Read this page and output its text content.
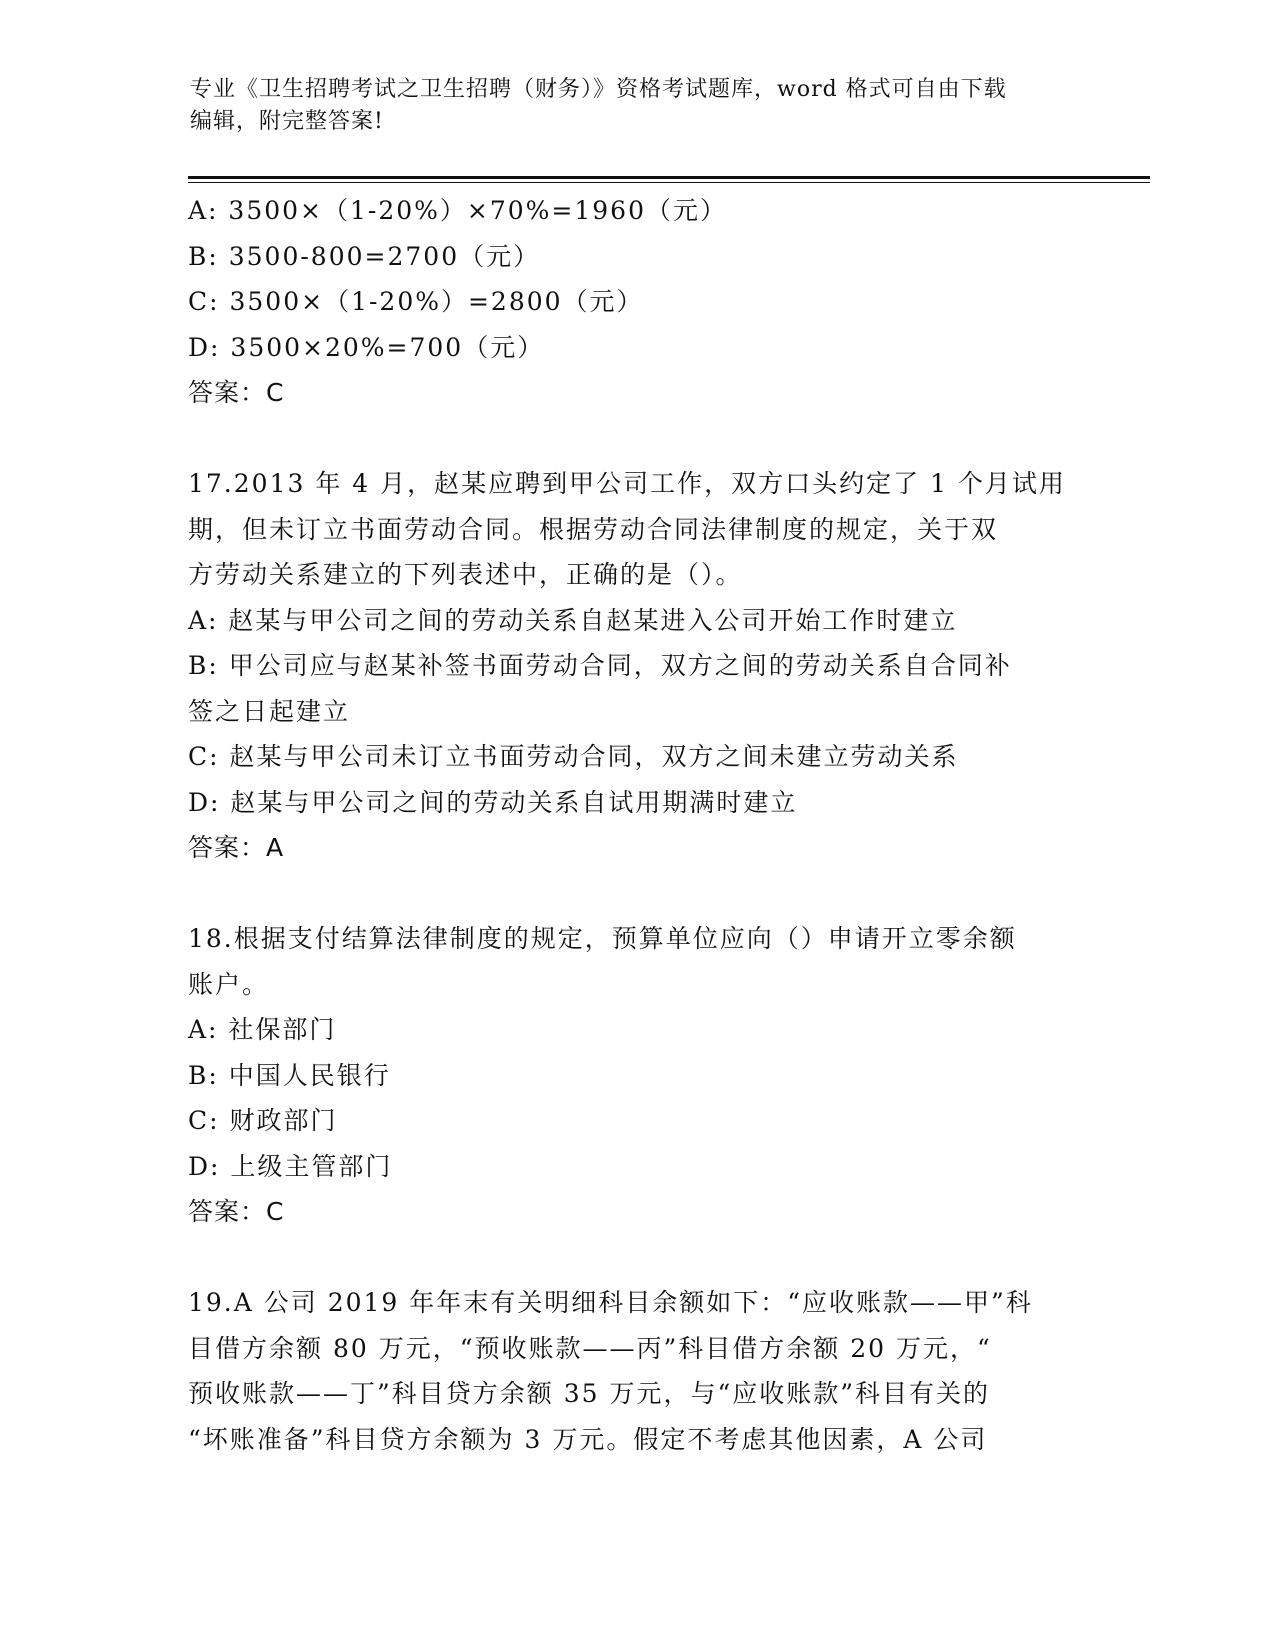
专业《卫生招聘考试之卫生招聘（财务）》资格考试题库，word 格式可自由下载
编辑，附完整答案!
A: 3500×（1-20%）×70%=1960（元）
B: 3500-800=2700（元）
C: 3500×（1-20%）=2800（元）
D: 3500×20%=700（元）
答案：C
17.2013 年 4 月，赵某应聘到甲公司工作，双方口头约定了 1 个月试用
期，但未订立书面劳动合同。根据劳动合同法律制度的规定，关于双
方劳动关系建立的下列表述中，正确的是（）。
A: 赵某与甲公司之间的劳动关系自赵某进入公司开始工作时建立
B: 甲公司应与赵某补签书面劳动合同，双方之间的劳动关系自合同补
签之日起建立
C: 赵某与甲公司未订立书面劳动合同，双方之间未建立劳动关系
D: 赵某与甲公司之间的劳动关系自试用期满时建立
答案：A
18.根据支付结算法律制度的规定，预算单位应向（）申请开立零余额
账户。
A: 社保部门
B: 中国人民银行
C: 财政部门
D: 上级主管部门
答案：C
19.A 公司 2019 年年末有关明细科目余额如下：“应收账款——甲”科
目借方余额 80 万元，“预收账款——丙”科目借方余额 20 万元，“
预收账款——丁”科目贷方余额 35 万元，与“应收账款”科目有关的
“坏账准备”科目贷方余额为 3 万元。假定不考虑其他因素，A 公司
